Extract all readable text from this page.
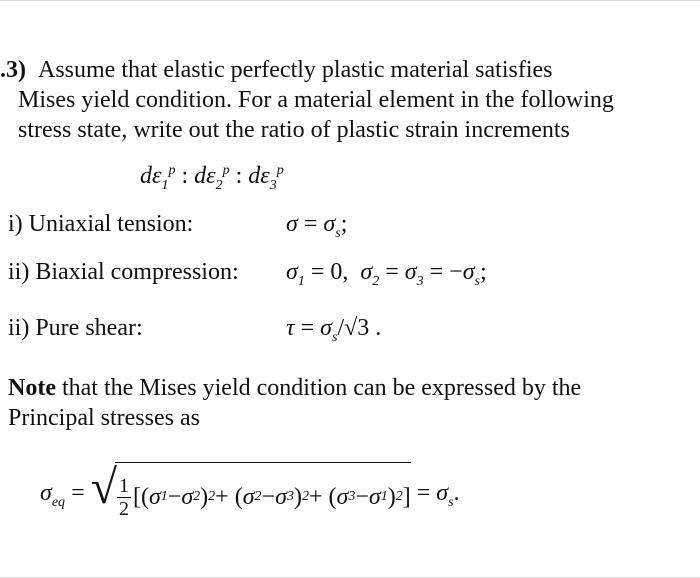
.3) Assume that elastic perfectly plastic material satisfies
Mises yield condition. For a material element in the following
stress state, write out the ratio of plastic strain increments
$d\varepsilon_1^p$ : $d\varepsilon_2^p$ : $d\varepsilon_3^p$
i) Uniaxial tension:	$\sigma = \sigma_s$;
ii) Biaxial compression: $\sigma_1 = 0$,  $\sigma_2 = \sigma_3 = -\sigma_s$;
ii) Pure shear:	$\tau = \sigma_s/√3$ .
Note that the Mises yield condition can be expressed by the
Principal stresses as
$\sigma_{eq}$ = √ $\frac{1}{2}$ [( σ 1 − σ 2 ) 2 + ( σ 2 − σ 3 ) 2 + ( σ 3 − σ 1 ) 2 ] = $\sigma_s$.
